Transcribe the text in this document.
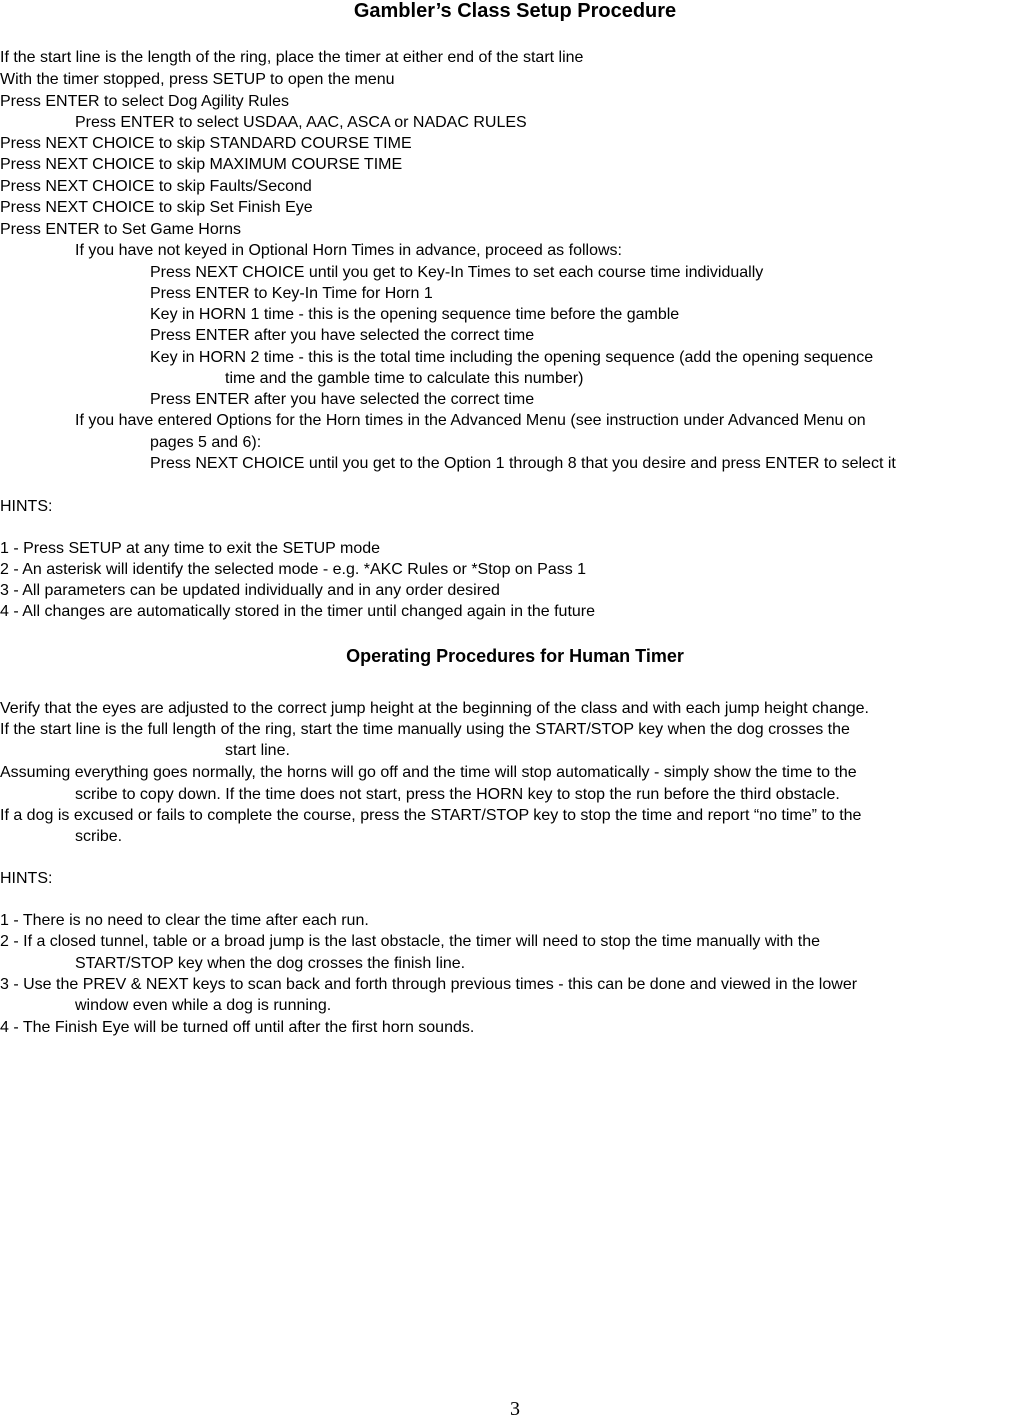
Gambler’s Class Setup Procedure
If the start line is the length of the ring, place the timer at either end of the start line
With the timer stopped, press SETUP to open the menu
Press ENTER to select Dog Agility Rules
Press ENTER to select USDAA, AAC, ASCA or NADAC RULES
Press NEXT CHOICE to skip STANDARD COURSE TIME
Press NEXT CHOICE to skip MAXIMUM COURSE TIME
Press NEXT CHOICE to skip Faults/Second
Press NEXT CHOICE to skip Set Finish Eye
Press ENTER to Set Game Horns
If you have not keyed in Optional Horn Times in advance, proceed as follows:
Press NEXT CHOICE until you get to Key-In Times to set each course time individually
Press ENTER to Key-In Time for Horn 1
Key in HORN 1 time - this is the opening sequence time before the gamble
Press ENTER after you have selected the correct time
Key in HORN 2 time - this is the total time including the opening sequence (add the opening sequence
time and the gamble time to calculate this number)
Press ENTER after you have selected the correct time
If you have entered Options for the Horn times in the Advanced Menu (see instruction under Advanced Menu on
pages 5 and 6):
Press NEXT CHOICE until you get to the Option 1 through 8 that you desire and press ENTER to select it
HINTS:
1 - Press SETUP at any time to exit the SETUP mode
2 - An asterisk will identify the selected mode - e.g. *AKC Rules or *Stop on Pass 1
3 - All parameters can be updated individually and in any order desired
4 - All changes are automatically stored in the timer until changed again in the future
Operating Procedures for Human Timer
Verify that the eyes are adjusted to the correct jump height at the beginning of the class and with each jump height change.
If the start line is the full length of the ring, start the time manually using the START/STOP key when the dog crosses the
start line.
Assuming everything goes normally, the horns will go off and the time will stop automatically - simply show the time to the
scribe to copy down. If the time does not start, press the HORN key to stop the run before the third obstacle.
If a dog is excused or fails to complete the course, press the START/STOP key to stop the time and report “no time” to the
scribe.
HINTS:
1 - There is no need to clear the time after each run.
2 - If a closed tunnel, table or a broad jump is the last obstacle, the timer will need to stop the time manually with the
START/STOP key when the dog crosses the finish line.
3 - Use the PREV & NEXT keys to scan back and forth through previous times - this can be done and viewed in the lower
window even while a dog is running.
4 - The Finish Eye will be turned off until after the first horn sounds.
3
